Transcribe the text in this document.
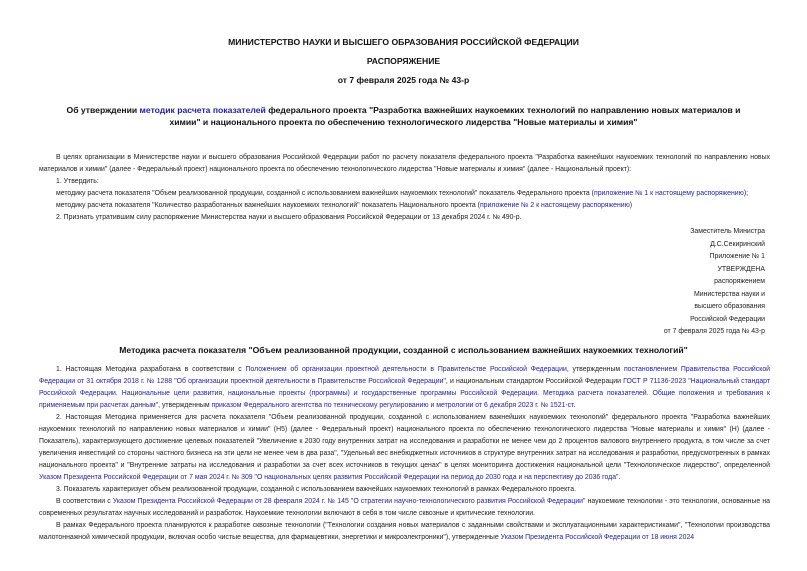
МИНИСТЕРСТВО НАУКИ И ВЫСШЕГО ОБРАЗОВАНИЯ РОССИЙСКОЙ ФЕДЕРАЦИИ
РАСПОРЯЖЕНИЕ
от 7 февраля 2025 года № 43-р
Об утверждении методик расчета показателей федерального проекта "Разработка важнейших наукоемких технологий по направлению новых материалов и химии" и национального проекта по обеспечению технологического лидерства "Новые материалы и химия"

В целях организации в Министерстве науки и высшего образования Российской Федерации работ по расчету показателя федерального проекта "Разработка важнейших наукоемких технологий по направлению новых материалов и химии" (далее - Федеральный проект) национального проекта по обеспечению технологического лидерства "Новые материалы и химия" (далее - Национальный проект):

1. Утвердить:

методику расчета показателя "Объем реализованной продукции, созданной с использованием важнейших наукоемких технологий" показатель Федерального проекта (приложение № 1 к настоящему распоряжению);

методику расчета показателя "Количество разработанных важнейших наукоемких технологий" показатель Национального проекта (приложение № 2 к настоящему распоряжению)

2. Признать утратившим силу распоряжение Министерства науки и высшего образования Российской Федерации от 13 декабря 2024 г. № 490-р.

Заместитель Министра
Д.С.Секиринский
Приложение № 1
УТВЕРЖДЕНА
распоряжением
Министерства науки и
высшего образования
Российской Федерации
от 7 февраля 2025 года № 43-р
Методика расчета показателя "Объем реализованной продукции, созданной с использованием важнейших наукоемких технологий"

1. Настоящая Методика разработана в соответствии с Положением об организации проектной деятельности в Правительстве Российской Федерации, утвержденным постановлением Правительства Российской Федерации от 31 октября 2018 г. № 1288 "Об организации проектной деятельности в Правительстве Российской Федерации", и национальным стандартом Российской Федерации ГОСТ Р 71136-2023 "Национальный стандарт Российской Федерации. Национальные цели развития, национальные проекты (программы) и государственные программы Российской Федерации. Методика расчета показателей. Общие положения и требования к применяемым при расчетах данным", утвержденным приказом Федерального агентства по техническому регулированию и метрологии от 6 декабря 2023 г. № 1521-ст.

2. Настоящая Методика применяется для расчета показателя "Объем реализованной продукции, созданной с использованием важнейших наукоемких технологий" федерального проекта "Разработка важнейших наукоемких технологий по направлению новых материалов и химии" (Н5) (далее - Федеральный проект) национального проекта по обеспечению технологического лидерства "Новые материалы и химия" (Н) (далее - Показатель), характеризующего достижение целевых показателей "Увеличение к 2030 году внутренних затрат на исследования и разработки не менее чем до 2 процентов валового внутреннего продукта, в том числе за счет увеличения инвестиций со стороны частного бизнеса на эти цели не менее чем в два раза", "Удельный вес внебюджетных источников в структуре внутренних затрат на исследования и разработки, предусмотренных в рамках национального проекта" и "Внутренние затраты на исследования и разработки за счет всех источников в текущих ценах" в целях мониторинга достижения национальной цели "Технологическое лидерство", определенной Указом Президента Российской Федерации от 7 мая 2024 г. № 309 "О национальных целях развития Российской Федерации на период до 2030 года и на перспективу до 2036 года".

3. Показатель характеризует объем реализованной продукции, созданной с использованием важнейших наукоемких технологий в рамках Федерального проекта.

В соответствии с Указом Президента Российской Федерации от 28 февраля 2024 г. № 145 "О стратегии научно-технологического развития Российской Федерации" наукоемкие технологии - это технологии, основанные на современных результатах научных исследований и разработок. Наукоемкие технологии включают в себя в том числе сквозные и критические технологии.

В рамках Федерального проекта планируются к разработке сквозные технологии ("Технологии создания новых материалов с заданными свойствами и эксплуатационными характеристиками", "Технологии производства малотоннажной химической продукции, включая особо чистые вещества, для фармацевтики, энергетики и микроэлектроники"), утвержденные Указом Президента Российской Федерации от 18 июня 2024
